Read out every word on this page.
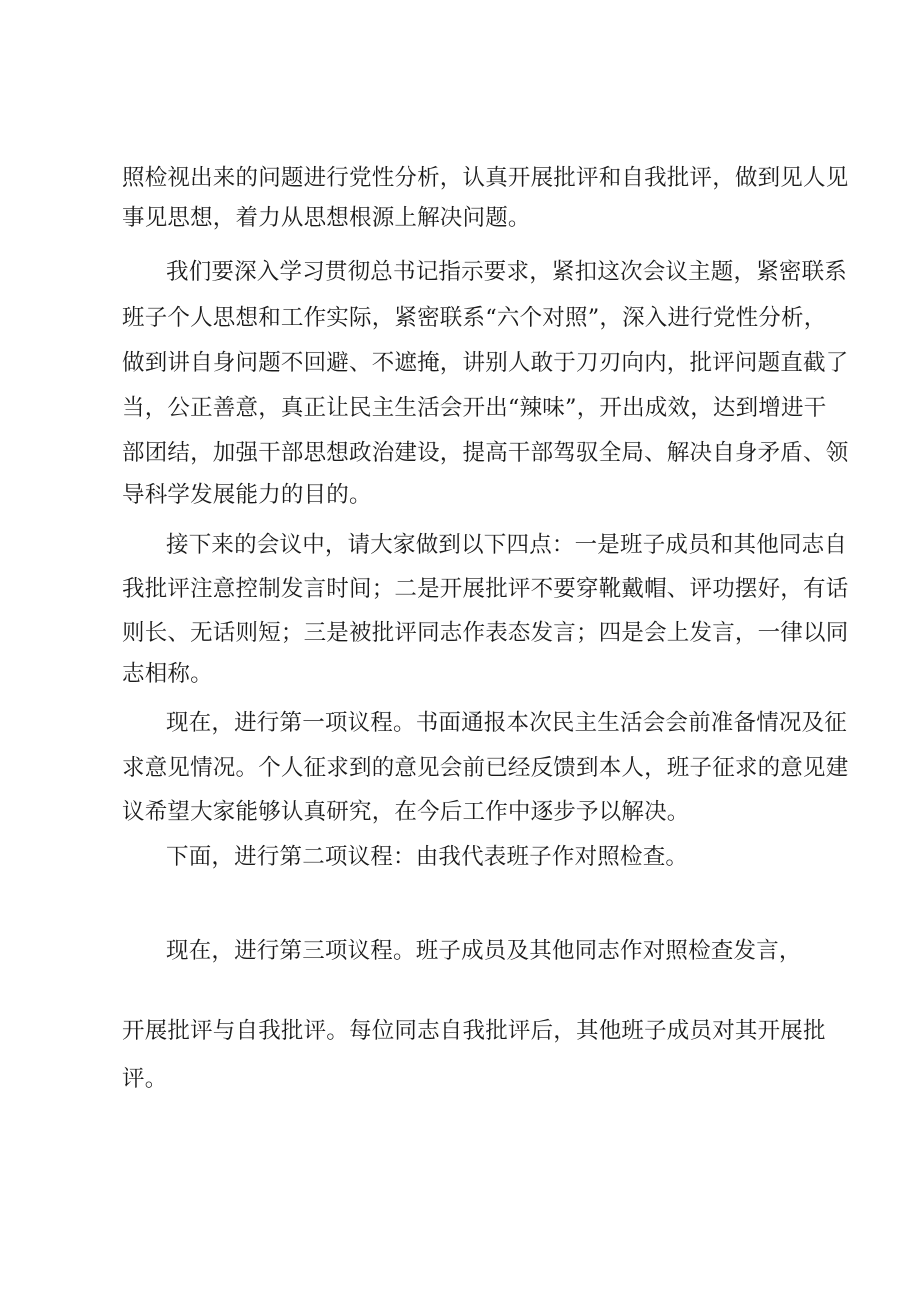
照检视出来的问题进行党性分析，认真开展批评和自我批评，做到见人见

事见思想，着力从思想根源上解决问题。

我们要深入学习贯彻总书记指示要求，紧扣这次会议主题，紧密联系

班子个人思想和工作实际，紧密联系“六个对照”，深入进行党性分析，

做到讲自身问题不回避、不遮掩，讲别人敢于刀刃向内，批评问题直截了

当，公正善意，真正让民主生活会开出“辣味”，开出成效，达到增进干

部团结，加强干部思想政治建设，提高干部驾驭全局、解决自身矛盾、领

导科学发展能力的目的。

接下来的会议中，请大家做到以下四点：一是班子成员和其他同志自

我批评注意控制发言时间；二是开展批评不要穿靴戴帽、评功摆好，有话

则长、无话则短；三是被批评同志作表态发言；四是会上发言，一律以同

志相称。

现在，进行第一项议程。书面通报本次民主生活会会前准备情况及征

求意见情况。个人征求到的意见会前已经反馈到本人，班子征求的意见建

议希望大家能够认真研究，在今后工作中逐步予以解决。

下面，进行第二项议程：由我代表班子作对照检查。

现在，进行第三项议程。班子成员及其他同志作对照检查发言，

开展批评与自我批评。每位同志自我批评后，其他班子成员对其开展批

评。
